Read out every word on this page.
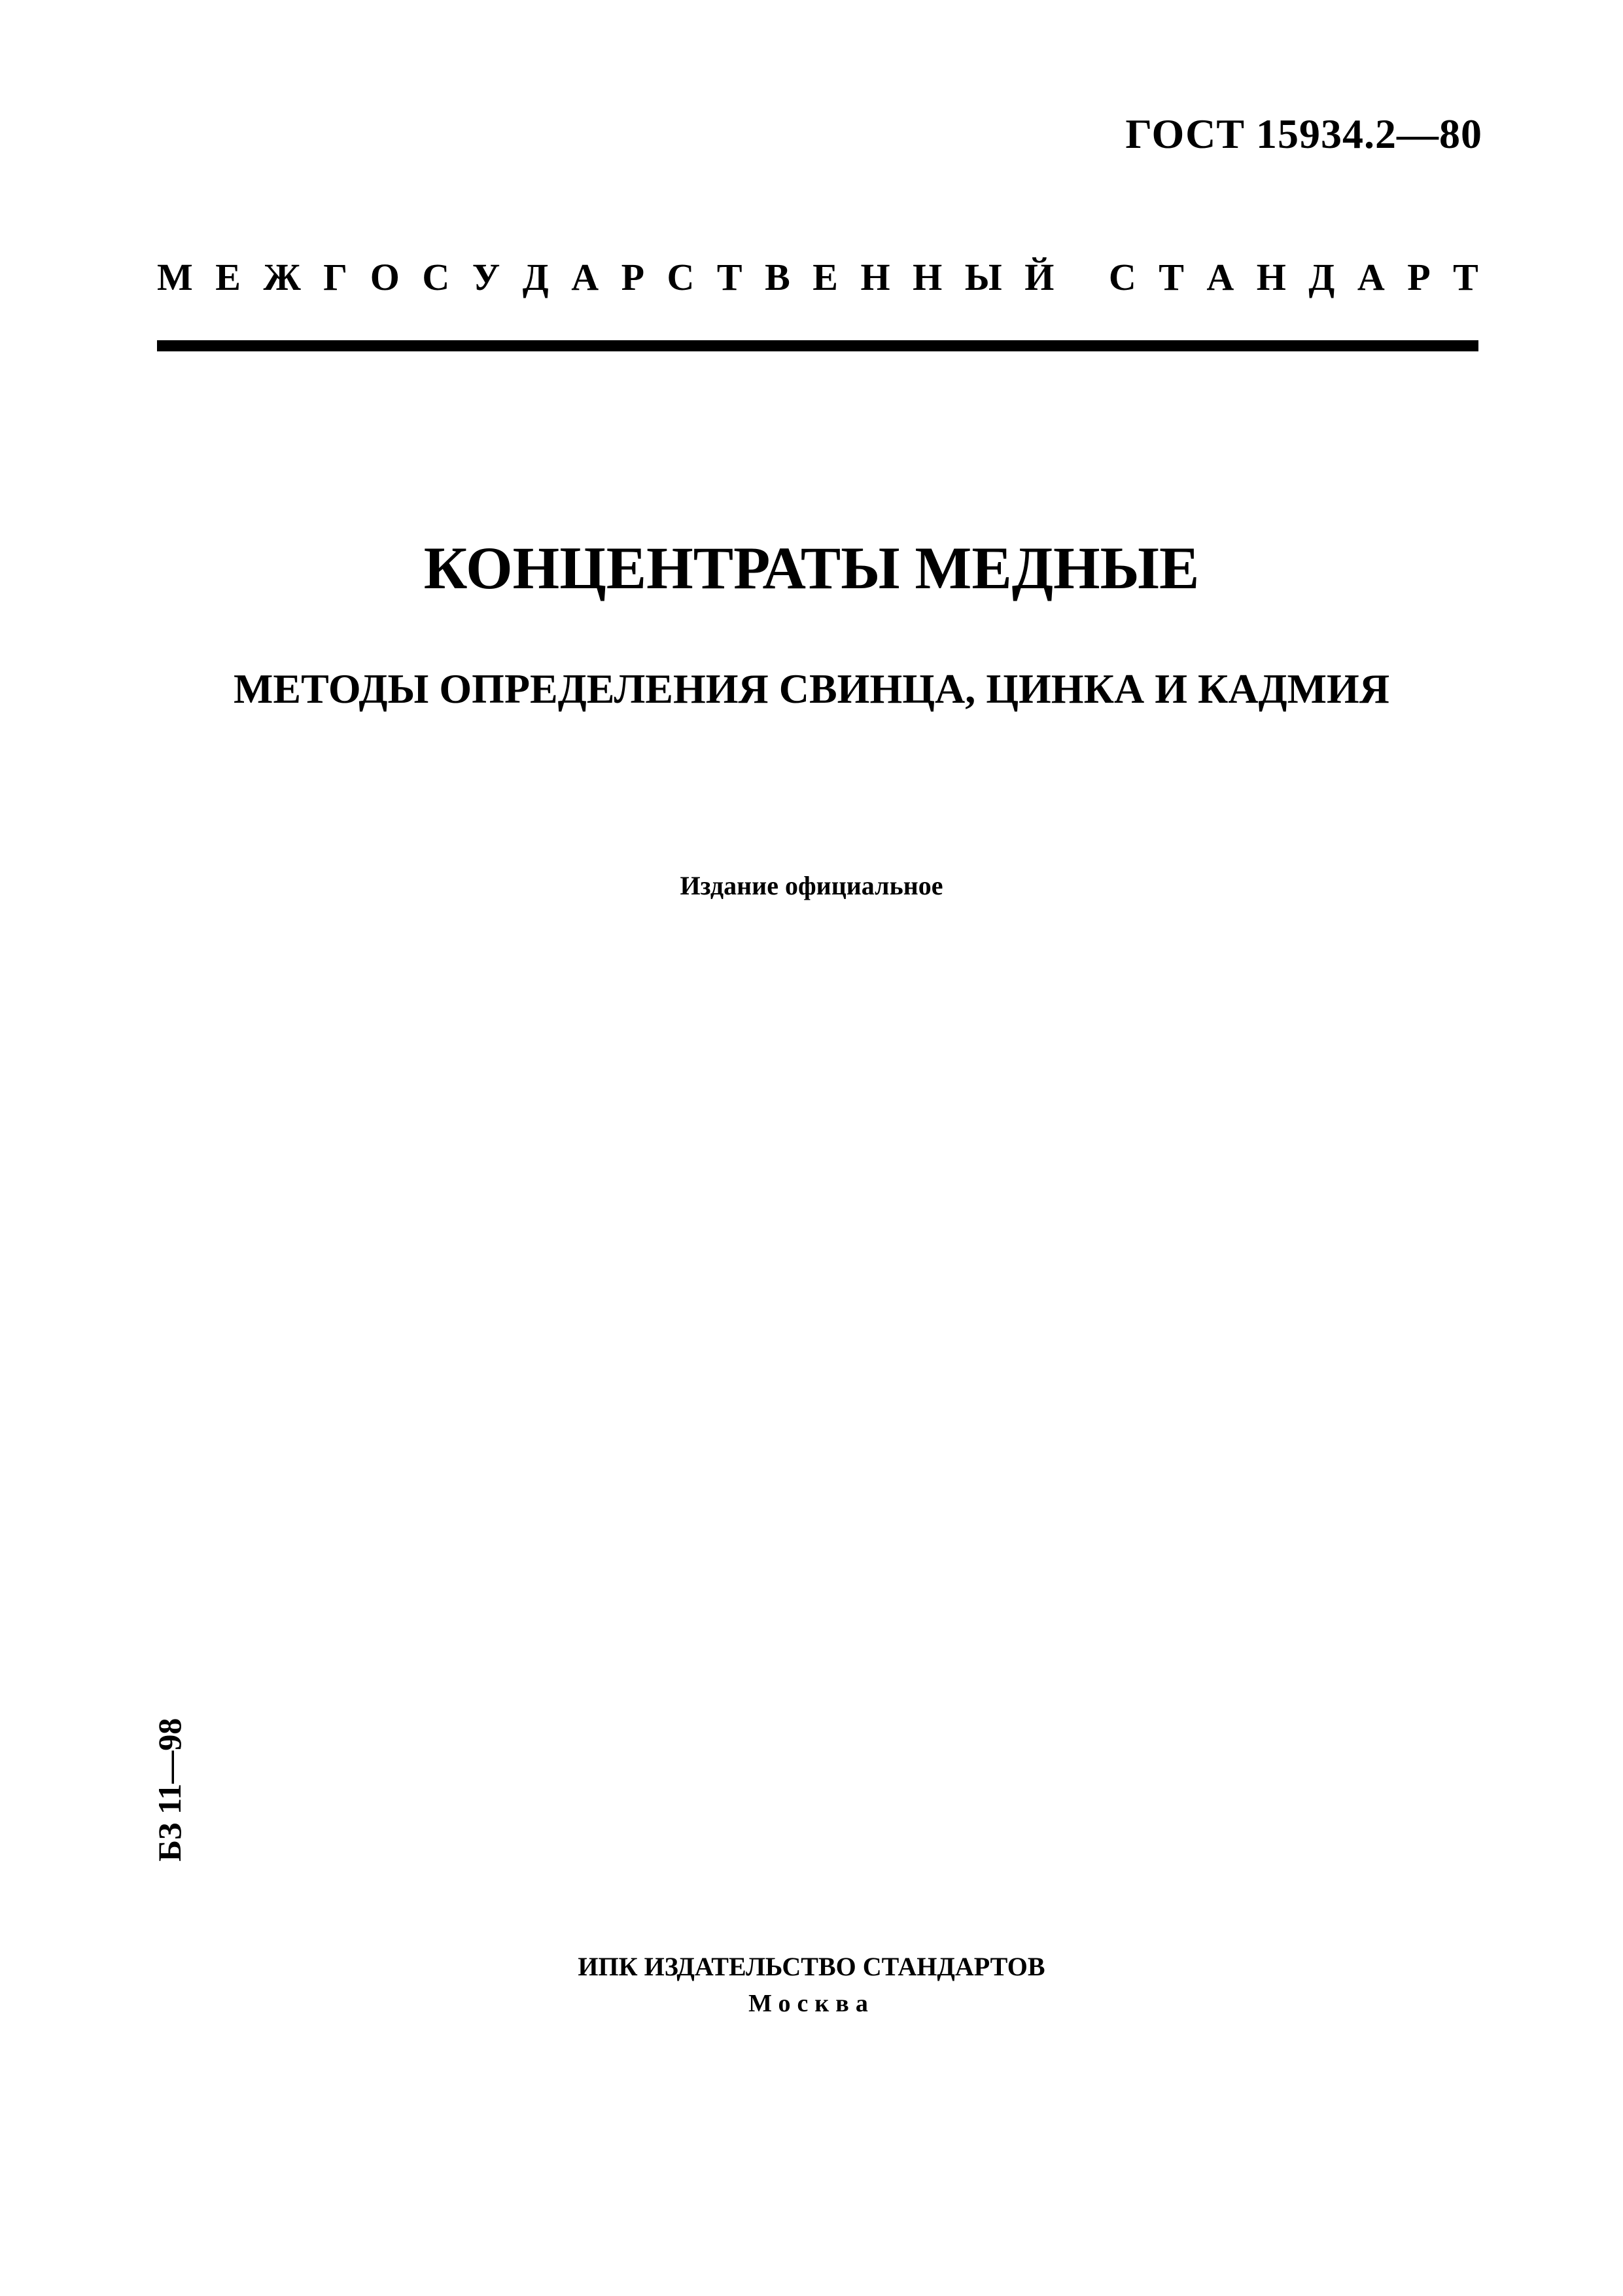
ГОСТ 15934.2—80
М Е Ж Г О С У Д А Р С Т В Е Н Н Ы Й
С Т А Н Д А Р Т
КОНЦЕНТРАТЫ МЕДНЫЕ
МЕТОДЫ ОПРЕДЕЛЕНИЯ СВИНЦА, ЦИНКА И КАДМИЯ
Издание официальное
БЗ 11—98
ИПК ИЗДАТЕЛЬСТВО СТАНДАРТОВ
Москва
